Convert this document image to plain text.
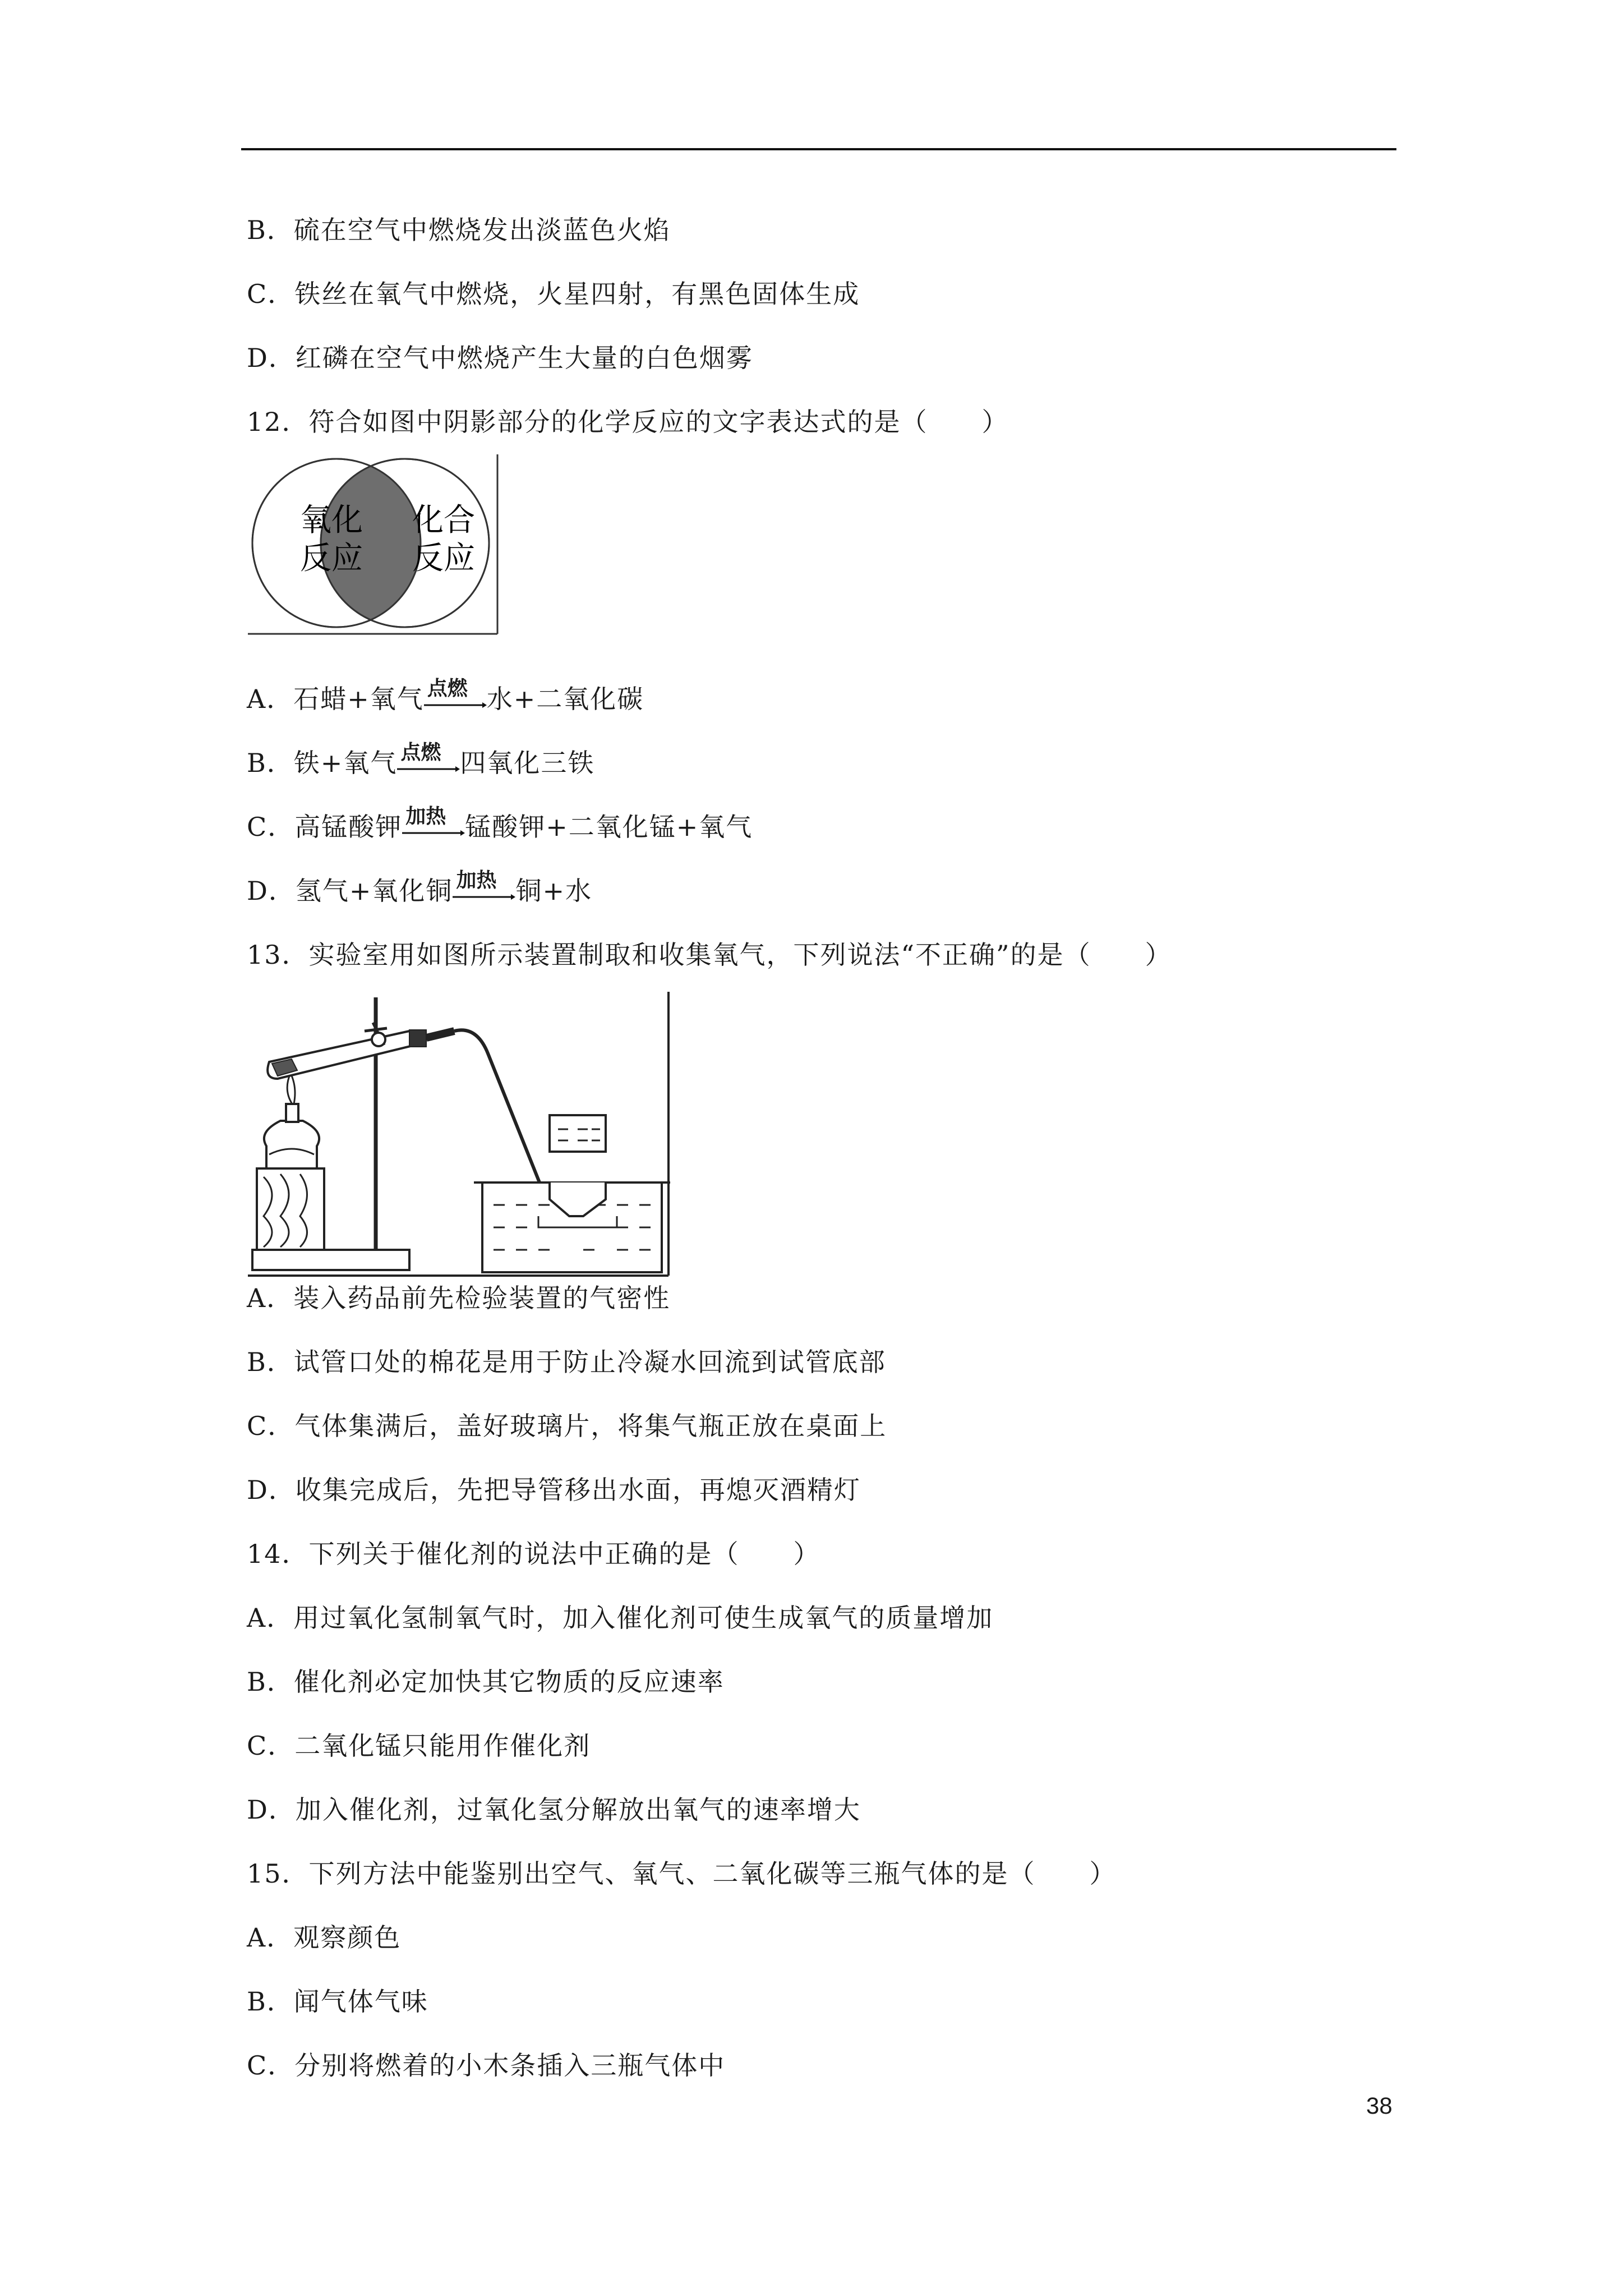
B．硫在空气中燃烧发出淡蓝色火焰
C．铁丝在氧气中燃烧，火星四射，有黑色固体生成
D．红磷在空气中燃烧产生大量的白色烟雾
12．符合如图中阴影部分的化学反应的文字表达式的是（　　）
氧化
反应
化合
反应
A．石蜡+氧气 点燃 水+二氧化碳
B．铁+氧气 点燃 四氧化三铁
C．高锰酸钾 加热 锰酸钾+二氧化锰+氧气
D．氢气+氧化铜 加热 铜+水
13．实验室用如图所示装置制取和收集氧气，下列说法“不正确”的是（　　）
A．装入药品前先检验装置的气密性
B．试管口处的棉花是用于防止冷凝水回流到试管底部
C．气体集满后，盖好玻璃片，将集气瓶正放在桌面上
D．收集完成后，先把导管移出水面，再熄灭酒精灯
14．下列关于催化剂的说法中正确的是（　　）
A．用过氧化氢制氧气时，加入催化剂可使生成氧气的质量增加
B．催化剂必定加快其它物质的反应速率
C．二氧化锰只能用作催化剂
D．加入催化剂，过氧化氢分解放出氧气的速率增大
15．下列方法中能鉴别出空气、氧气、二氧化碳等三瓶气体的是（　　）
A．观察颜色
B．闻气体气味
C．分别将燃着的小木条插入三瓶气体中
38
